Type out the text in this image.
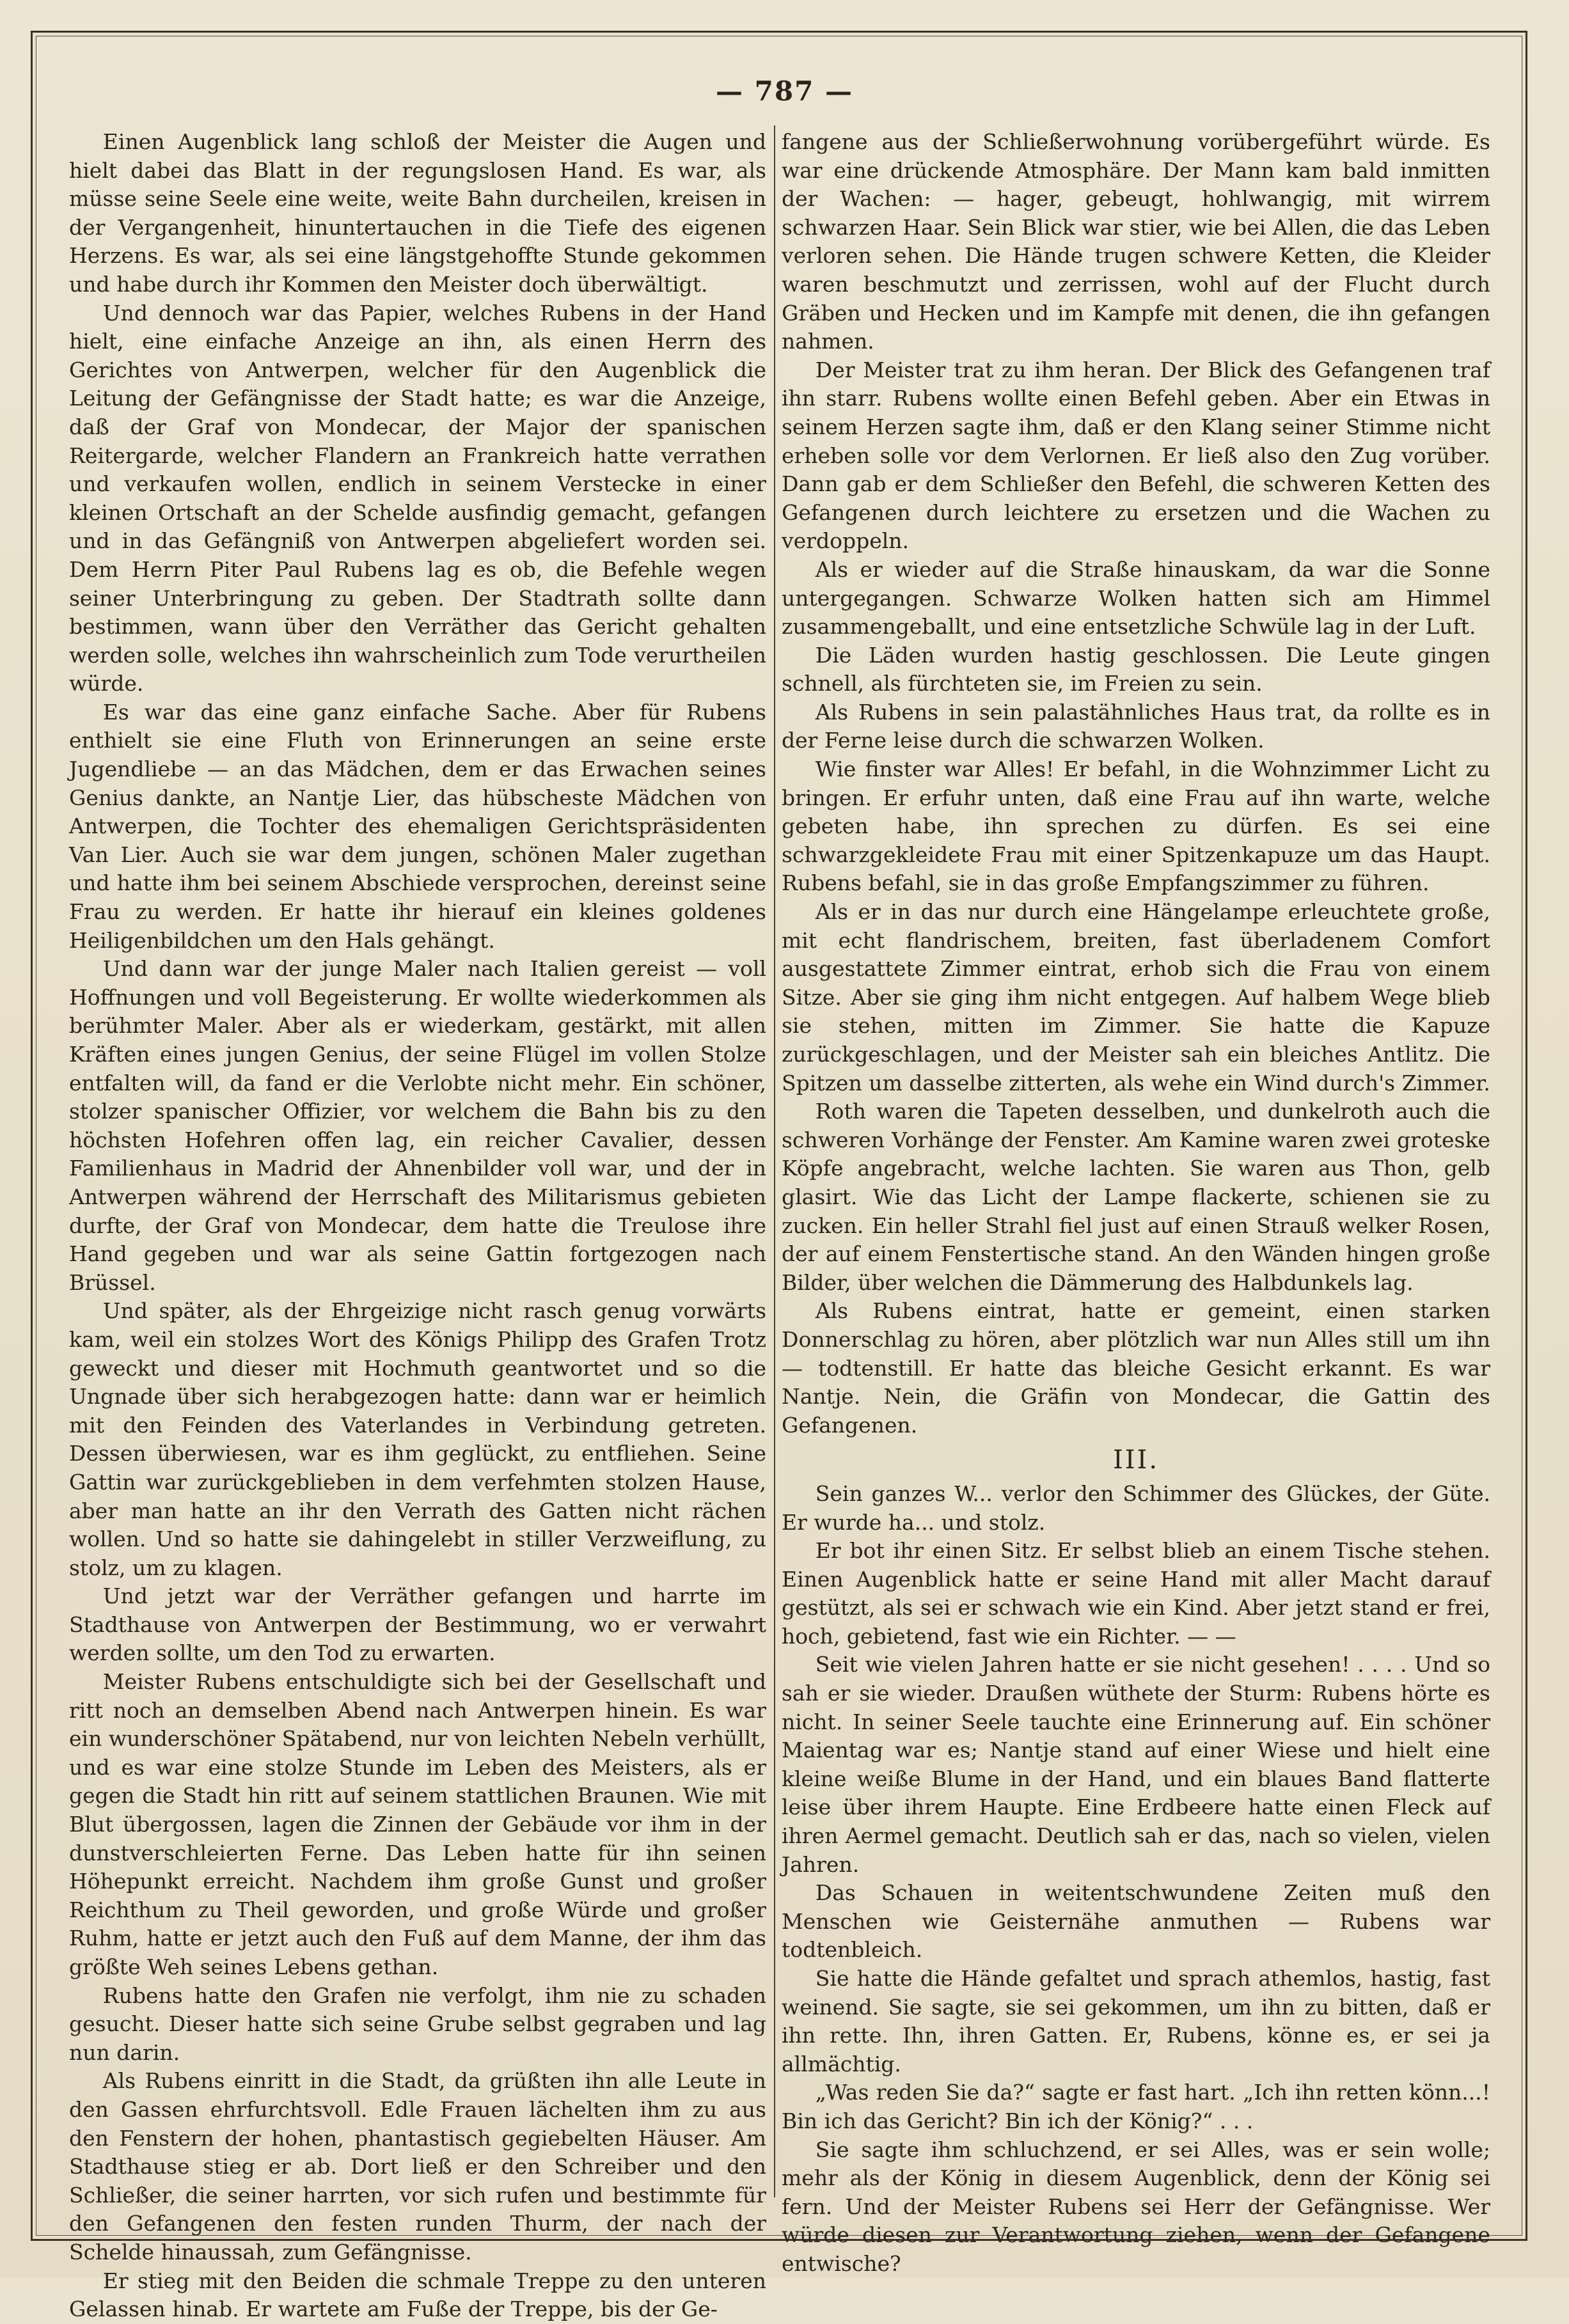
— 787 —

Einen Augenblick lang schloß der Meister die Augen und hielt dabei das Blatt in der regungslosen Hand. Es war, als müsse seine Seele eine weite, weite Bahn durcheilen, kreisen in der Vergangenheit, hinuntertauchen in die Tiefe des eigenen Herzens. Es war, als sei eine längstgehoffte Stunde gekommen und habe durch ihr Kommen den Meister doch überwältigt.

Und dennoch war das Papier, welches Rubens in der Hand hielt, eine einfache Anzeige an ihn, als einen Herrn des Gerichtes von Antwerpen, welcher für den Augenblick die Leitung der Gefängnisse der Stadt hatte; es war die Anzeige, daß der Graf von Mondecar, der Major der spanischen Reitergarde, welcher Flandern an Frankreich hatte verrathen und verkaufen wollen, endlich in seinem Verstecke in einer kleinen Ortschaft an der Schelde ausfindig gemacht, gefangen und in das Gefängniß von Antwerpen abgeliefert worden sei. Dem Herrn Piter Paul Rubens lag es ob, die Befehle wegen seiner Unterbringung zu geben. Der Stadtrath sollte dann bestimmen, wann über den Verräther das Gericht gehalten werden solle, welches ihn wahrscheinlich zum Tode verurtheilen würde.

Es war das eine ganz einfache Sache. Aber für Rubens enthielt sie eine Fluth von Erinnerungen an seine erste Jugendliebe — an das Mädchen, dem er das Erwachen seines Genius dankte, an Nantje Lier, das hübscheste Mädchen von Antwerpen, die Tochter des ehemaligen Gerichtspräsidenten Van Lier. Auch sie war dem jungen, schönen Maler zugethan und hatte ihm bei seinem Abschiede versprochen, dereinst seine Frau zu werden. Er hatte ihr hierauf ein kleines goldenes Heiligenbildchen um den Hals gehängt.

Und dann war der junge Maler nach Italien gereist — voll Hoffnungen und voll Begeisterung. Er wollte wiederkommen als berühmter Maler. Aber als er wiederkam, gestärkt, mit allen Kräften eines jungen Genius, der seine Flügel im vollen Stolze entfalten will, da fand er die Verlobte nicht mehr. Ein schöner, stolzer spanischer Offizier, vor welchem die Bahn bis zu den höchsten Hofehren offen lag, ein reicher Cavalier, dessen Familienhaus in Madrid der Ahnenbilder voll war, und der in Antwerpen während der Herrschaft des Militarismus gebieten durfte, der Graf von Mondecar, dem hatte die Treulose ihre Hand gegeben und war als seine Gattin fortgezogen nach Brüssel.

Und später, als der Ehrgeizige nicht rasch genug vorwärts kam, weil ein stolzes Wort des Königs Philipp des Grafen Trotz geweckt und dieser mit Hochmuth geantwortet und so die Ungnade über sich herabgezogen hatte: dann war er heimlich mit den Feinden des Vaterlandes in Verbindung getreten. Dessen überwiesen, war es ihm geglückt, zu entfliehen. Seine Gattin war zurückgeblieben in dem verfehmten stolzen Hause, aber man hatte an ihr den Verrath des Gatten nicht rächen wollen. Und so hatte sie dahingelebt in stiller Verzweiflung, zu stolz, um zu klagen.

Und jetzt war der Verräther gefangen und harrte im Stadthause von Antwerpen der Bestimmung, wo er verwahrt werden sollte, um den Tod zu erwarten.

Meister Rubens entschuldigte sich bei der Gesellschaft und ritt noch an demselben Abend nach Antwerpen hinein. Es war ein wunderschöner Spätabend, nur von leichten Nebeln verhüllt, und es war eine stolze Stunde im Leben des Meisters, als er gegen die Stadt hin ritt auf seinem stattlichen Braunen. Wie mit Blut übergossen, lagen die Zinnen der Gebäude vor ihm in der dunstverschleierten Ferne. Das Leben hatte für ihn seinen Höhepunkt erreicht. Nachdem ihm große Gunst und großer Reichthum zu Theil geworden, und große Würde und großer Ruhm, hatte er jetzt auch den Fuß auf dem Manne, der ihm das größte Weh seines Lebens gethan.

Rubens hatte den Grafen nie verfolgt, ihm nie zu schaden gesucht. Dieser hatte sich seine Grube selbst gegraben und lag nun darin.

Als Rubens einritt in die Stadt, da grüßten ihn alle Leute in den Gassen ehrfurchtsvoll. Edle Frauen lächelten ihm zu aus den Fenstern der hohen, phantastisch gegiebelten Häuser. Am Stadthause stieg er ab. Dort ließ er den Schreiber und den Schließer, die seiner harrten, vor sich rufen und bestimmte für den Gefangenen den festen runden Thurm, der nach der Schelde hinaussah, zum Gefängnisse.

Er stieg mit den Beiden die schmale Treppe zu den unteren Gelassen hinab. Er wartete am Fuße der Treppe, bis der Ge-

fangene aus der Schließerwohnung vorübergeführt würde. Es war eine drückende Atmosphäre. Der Mann kam bald inmitten der Wachen: — hager, gebeugt, hohlwangig, mit wirrem schwarzen Haar. Sein Blick war stier, wie bei Allen, die das Leben verloren sehen. Die Hände trugen schwere Ketten, die Kleider waren beschmutzt und zerrissen, wohl auf der Flucht durch Gräben und Hecken und im Kampfe mit denen, die ihn gefangen nahmen.

Der Meister trat zu ihm heran. Der Blick des Gefangenen traf ihn starr. Rubens wollte einen Befehl geben. Aber ein Etwas in seinem Herzen sagte ihm, daß er den Klang seiner Stimme nicht erheben solle vor dem Verlornen. Er ließ also den Zug vorüber. Dann gab er dem Schließer den Befehl, die schweren Ketten des Gefangenen durch leichtere zu ersetzen und die Wachen zu verdoppeln.

Als er wieder auf die Straße hinauskam, da war die Sonne untergegangen. Schwarze Wolken hatten sich am Himmel zusammengeballt, und eine entsetzliche Schwüle lag in der Luft.

Die Läden wurden hastig geschlossen. Die Leute gingen schnell, als fürchteten sie, im Freien zu sein.

Als Rubens in sein palastähnliches Haus trat, da rollte es in der Ferne leise durch die schwarzen Wolken.

Wie finster war Alles! Er befahl, in die Wohnzimmer Licht zu bringen. Er erfuhr unten, daß eine Frau auf ihn warte, welche gebeten habe, ihn sprechen zu dürfen. Es sei eine schwarzgekleidete Frau mit einer Spitzenkapuze um das Haupt. Rubens befahl, sie in das große Empfangszimmer zu führen.

Als er in das nur durch eine Hängelampe erleuchtete große, mit echt flandrischem, breiten, fast überladenem Comfort ausgestattete Zimmer eintrat, erhob sich die Frau von einem Sitze. Aber sie ging ihm nicht entgegen. Auf halbem Wege blieb sie stehen, mitten im Zimmer. Sie hatte die Kapuze zurückgeschlagen, und der Meister sah ein bleiches Antlitz. Die Spitzen um dasselbe zitterten, als wehe ein Wind durch's Zimmer.

Roth waren die Tapeten desselben, und dunkelroth auch die schweren Vorhänge der Fenster. Am Kamine waren zwei groteske Köpfe angebracht, welche lachten. Sie waren aus Thon, gelb glasirt. Wie das Licht der Lampe flackerte, schienen sie zu zucken. Ein heller Strahl fiel just auf einen Strauß welker Rosen, der auf einem Fenstertische stand. An den Wänden hingen große Bilder, über welchen die Dämmerung des Halbdunkels lag.

Als Rubens eintrat, hatte er gemeint, einen starken Donnerschlag zu hören, aber plötzlich war nun Alles still um ihn — todtenstill. Er hatte das bleiche Gesicht erkannt. Es war Nantje. Nein, die Gräfin von Mondecar, die Gattin des Gefangenen.

III.

Sein ganzes W... verlor den Schimmer des Glückes, der Güte. Er wurde ha... und stolz.

Er bot ihr einen Sitz. Er selbst blieb an einem Tische stehen. Einen Augenblick hatte er seine Hand mit aller Macht darauf gestützt, als sei er schwach wie ein Kind. Aber jetzt stand er frei, hoch, gebietend, fast wie ein Richter. — —

Seit wie vielen Jahren hatte er sie nicht gesehen! . . . . Und so sah er sie wieder. Draußen wüthete der Sturm: Rubens hörte es nicht. In seiner Seele tauchte eine Erinnerung auf. Ein schöner Maientag war es; Nantje stand auf einer Wiese und hielt eine kleine weiße Blume in der Hand, und ein blaues Band flatterte leise über ihrem Haupte. Eine Erdbeere hatte einen Fleck auf ihren Aermel gemacht. Deutlich sah er das, nach so vielen, vielen Jahren.

Das Schauen in weitentschwundene Zeiten muß den Menschen wie Geisternähe anmuthen — Rubens war todtenbleich.

Sie hatte die Hände gefaltet und sprach athemlos, hastig, fast weinend. Sie sagte, sie sei gekommen, um ihn zu bitten, daß er ihn rette. Ihn, ihren Gatten. Er, Rubens, könne es, er sei ja allmächtig.

„Was reden Sie da?“ sagte er fast hart. „Ich ihn retten könn...! Bin ich das Gericht? Bin ich der König?“ . . .

Sie sagte ihm schluchzend, er sei Alles, was er sein wolle; mehr als der König in diesem Augenblick, denn der König sei fern. Und der Meister Rubens sei Herr der Gefängnisse. Wer würde diesen zur Verantwortung ziehen, wenn der Gefangene entwische?
